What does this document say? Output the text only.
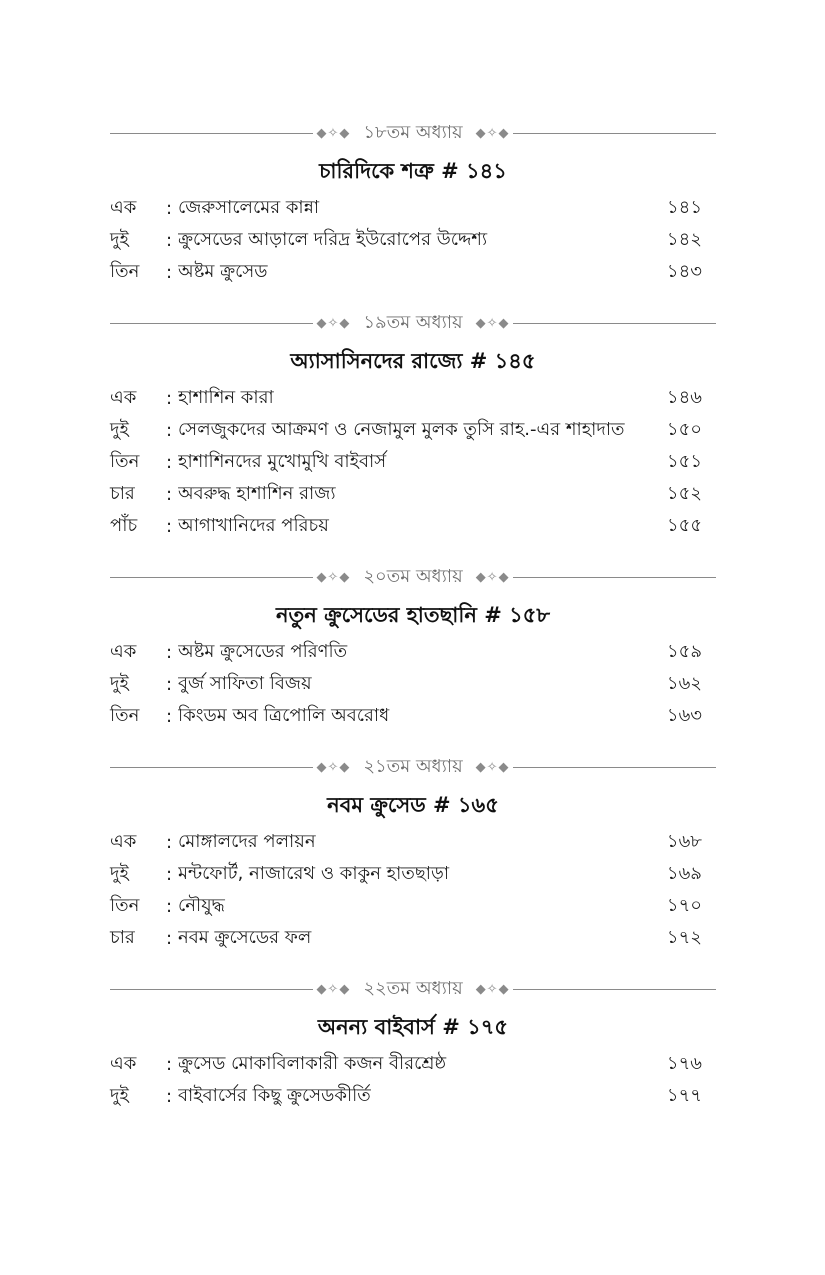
◆✧◆ ১৮তম অধ্যায়	◆✧◆
চারিদিকে শত্রু # ১৪১
এক	: জেরুসালেমের কান্না	১৪১
দুই	: ক্রুসেডের আড়ালে দরিদ্র ইউরোপের উদ্দেশ্য	১৪২
তিন	: অষ্টম ক্রুসেড	১৪৩
◆✧◆ ১৯তম অধ্যায়	◆✧◆
অ্যাসাসিনদের রাজ্যে # ১৪৫
এক	: হাশাশিন কারা	১৪৬
দুই	: সেলজুকদের আক্রমণ ও নেজামুল মুলক তুসি রাহ.-এর শাহাদাত	১৫০
তিন	: হাশাশিনদের মুখোমুখি বাইবার্স	১৫১
চার	: অবরুদ্ধ হাশাশিন রাজ্য	১৫২
পাঁচ	: আগাখানিদের পরিচয়	১৫৫
◆✧◆ ২০তম অধ্যায়	◆✧◆
নতুন ক্রুসেডের হাতছানি # ১৫৮
এক	: অষ্টম ক্রুসেডের পরিণতি	১৫৯
দুই	: বুর্জ সাফিতা বিজয়	১৬২
তিন	: কিংডম অব ত্রিপোলি অবরোধ	১৬৩
◆✧◆ ২১তম অধ্যায়	◆✧◆
নবম ক্রুসেড # ১৬৫
এক	: মোঙ্গালদের পলায়ন	১৬৮
দুই	: মন্টফোর্ট, নাজারেথ ও কাকুন হাতছাড়া	১৬৯
তিন	: নৌযুদ্ধ	১৭০
চার	: নবম ক্রুসেডের ফল	১৭২
◆✧◆ ২২তম অধ্যায়	◆✧◆
অনন্য বাইবার্স # ১৭৫
এক	: ক্রুসেড মোকাবিলাকারী কজন বীরশ্রেষ্ঠ	১৭৬
দুই	: বাইবার্সের কিছু ক্রুসেডকীর্তি	১৭৭
